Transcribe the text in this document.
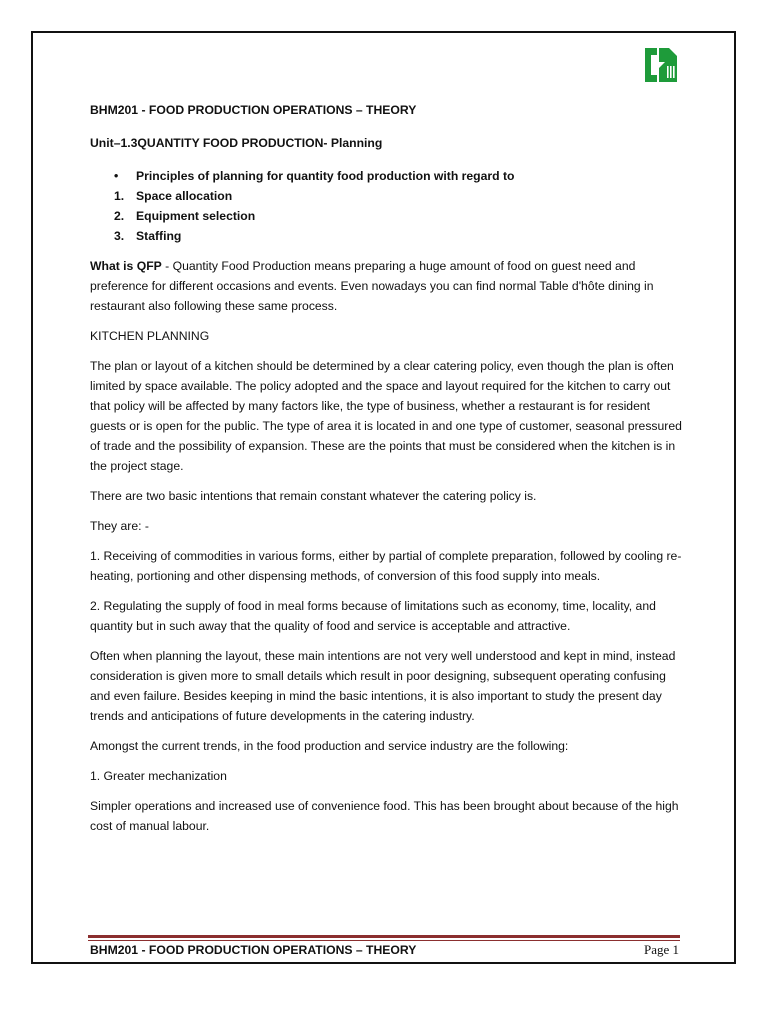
BHM201 - FOOD PRODUCTION OPERATIONS – THEORY

Unit–1.3QUANTITY FOOD PRODUCTION- Planning

• Principles of planning for quantity food production with regard to
1. Space allocation
2. Equipment selection
3. Staffing

What is QFP - Quantity Food Production means preparing a huge amount of food on guest need and preference for different occasions and events. Even nowadays you can find normal Table d'hôte dining in restaurant also following these same process.

KITCHEN PLANNING

The plan or layout of a kitchen should be determined by a clear catering policy, even though the plan is often limited by space available. The policy adopted and the space and layout required for the kitchen to carry out that policy will be affected by many factors like, the type of business, whether a restaurant is for resident guests or is open for the public. The type of area it is located in and one type of customer, seasonal pressured of trade and the possibility of expansion. These are the points that must be considered when the kitchen is in the project stage.

There are two basic intentions that remain constant whatever the catering policy is.

They are: -

1. Receiving of commodities in various forms, either by partial of complete preparation, followed by cooling re-heating, portioning and other dispensing methods, of conversion of this food supply into meals.

2. Regulating the supply of food in meal forms because of limitations such as economy, time, locality, and quantity but in such away that the quality of food and service is acceptable and attractive.

Often when planning the layout, these main intentions are not very well understood and kept in mind, instead consideration is given more to small details which result in poor designing, subsequent operating confusing and even failure. Besides keeping in mind the basic intentions, it is also important to study the present day trends and anticipations of future developments in the catering industry.

Amongst the current trends, in the food production and service industry are the following:

1. Greater mechanization

Simpler operations and increased use of convenience food. This has been brought about because of the high cost of manual labour.

BHM201 - FOOD PRODUCTION OPERATIONS – THEORY	Page 1
